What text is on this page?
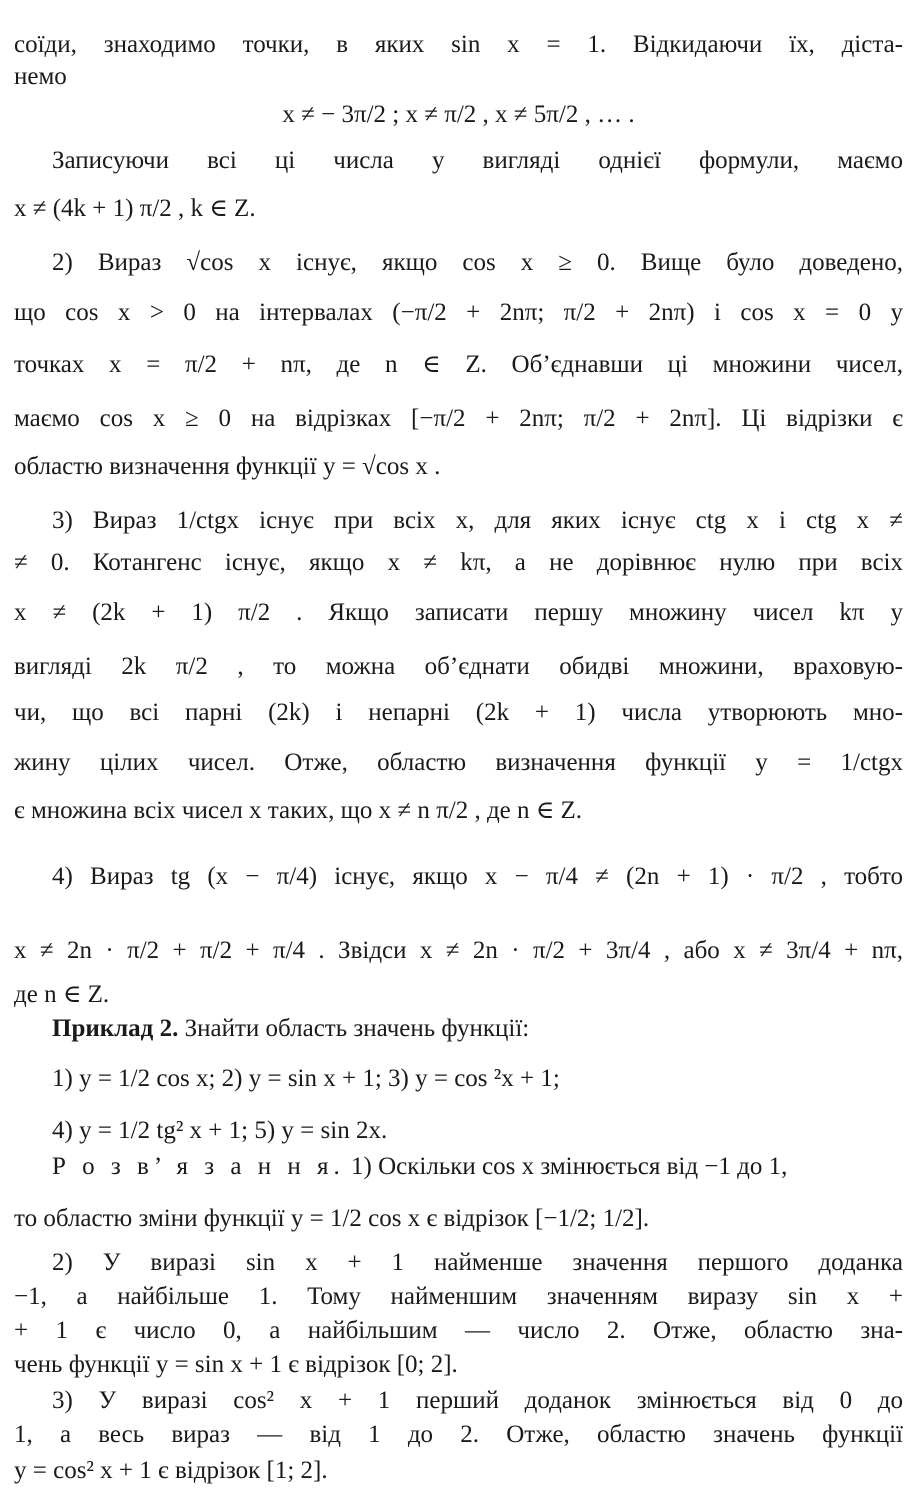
соїди, знаходимо точки, в яких sin x = 1. Відкидаючи їх, діста-
немо
x ≠ − 3π/2 ; x ≠ π/2 , x ≠ 5π/2 , … .
Записуючи всі ці числа у вигляді однієї формули, маємо
x ≠ (4k + 1) π/2 , k ∈ Z.
2) Вираз √cos x існує, якщо cos x ≥ 0. Вище було доведено,
що cos x > 0 на інтервалах (−π/2 + 2nπ; π/2 + 2nπ) і cos x = 0 у
точках x = π/2 + nπ, де n ∈ Z. Об’єднавши ці множини чисел,
маємо cos x ≥ 0 на відрізках [−π/2 + 2nπ; π/2 + 2nπ]. Ці відрізки є
областю визначення функції y = √cos x .
3) Вираз 1/ctgx існує при всіх x, для яких існує ctg x і ctg x ≠
≠ 0. Котангенс існує, якщо x ≠ kπ, а не дорівнює нулю при всіх
x ≠ (2k + 1) π/2 . Якщо записати першу множину чисел kπ у
вигляді 2k π/2 , то можна об’єднати обидві множини, враховую-
чи, що всі парні (2k) і непарні (2k + 1) числа утворюють мно-
жину цілих чисел. Отже, областю визначення функції y = 1/ctgx
є множина всіх чисел x таких, що x ≠ n π/2 , де n ∈ Z.
4) Вираз tg (x − π/4) існує, якщо x − π/4 ≠ (2n + 1) · π/2 , тобто
x ≠ 2n · π/2 + π/2 + π/4 . Звідси x ≠ 2n · π/2 + 3π/4 , або x ≠ 3π/4 + nπ,
де n ∈ Z.
Приклад 2. Знайти область значень функції:
1) y = 1/2 cos x; 2) y = sin x + 1; 3) y = cos ²x + 1;
4) y = 1/2 tg² x + 1; 5) y = sin 2x.
Р о з в’ я з а н н я. 1) Оскільки cos x змінюється від −1 до 1,
то областю зміни функції y = 1/2 cos x є відрізок [−1/2; 1/2].
2) У виразі sin x + 1 найменше значення першого доданка
−1, а найбільше 1. Тому найменшим значенням виразу sin x +
+ 1 є число 0, а найбільшим — число 2. Отже, областю зна-
чень функції y = sin x + 1 є відрізок [0; 2].
3) У виразі cos² x + 1 перший доданок змінюється від 0 до
1, а весь вираз — від 1 до 2. Отже, областю значень функції
y = cos² x + 1 є відрізок [1; 2].
